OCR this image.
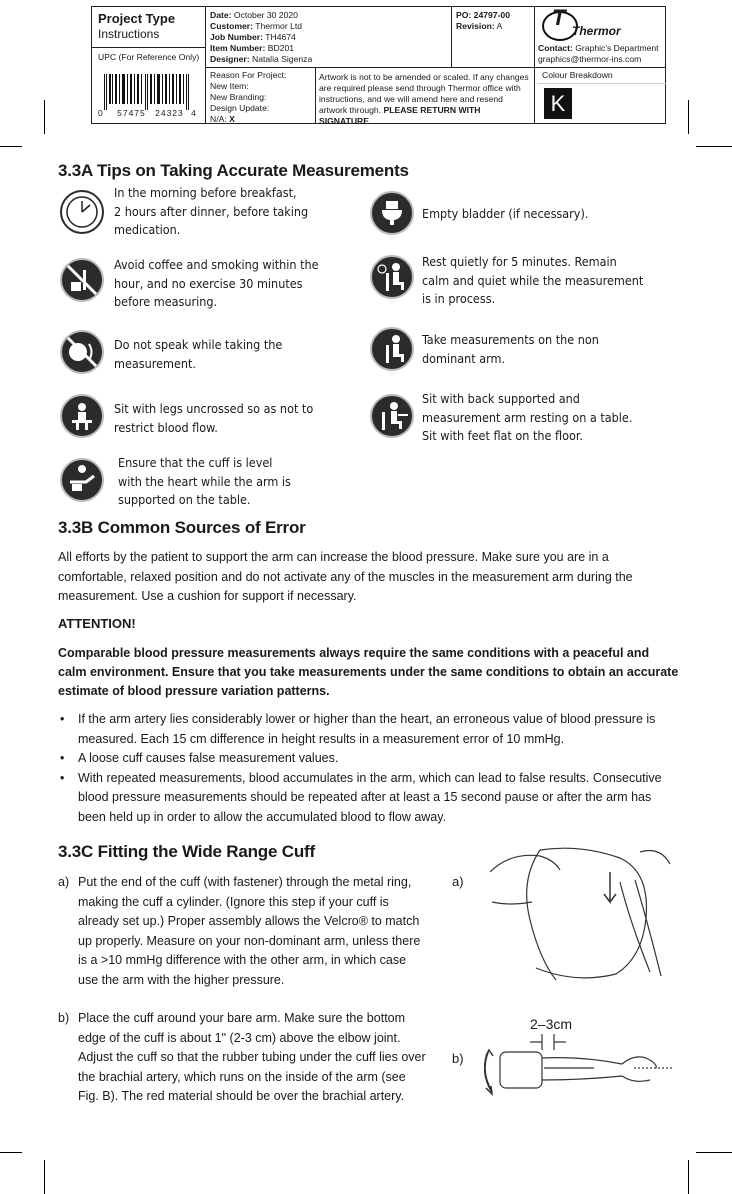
Project Type
Instructions
UPC (For Reference Only)
0 57475 24323 4
Date: October 30 2020
Customer: Thermor Ltd
Job Number: TH4674
Item Number: BD201
Designer: Natalia Sigenza
PO: 24797-00
Revision: A	T
Thermor
Contact: Graphic's Department
graphics@thermor-ins.com
Reason For Project:
New Item:
New Branding:
Design Update:
N/A: X
Artwork is not to be amended or scaled. If any changes are required please send through Thermor office with instructions, and we will amend here and resend artwork through. PLEASE RETURN WITH SIGNATURE
Colour Breakdown
K
3.3A Tips on Taking Accurate Measurements
In the morning before breakfast,
2 hours after dinner, before taking
medication.
Avoid coffee and smoking within the
hour, and no exercise 30 minutes
before measuring.
Do not speak while taking the
measurement.
Sit with legs uncrossed so as not to
restrict blood flow.
Ensure that the cuff is level
with the heart while the arm is
supported on the table.
Empty bladder (if necessary).
Rest quietly for 5 minutes. Remain
calm and quiet while the measurement
is in process.
Take measurements on the non
dominant arm.
Sit with back supported and
measurement arm resting on a table.
Sit with feet flat on the floor.
3.3B Common Sources of Error
All efforts by the patient to support the arm can increase the blood pressure. Make sure you are in a comfortable, relaxed position and do not activate any of the muscles in the measurement arm during the measurement. Use a cushion for support if necessary.
ATTENTION!
Comparable blood pressure measurements always require the same conditions with a peaceful and calm environment. Ensure that you take measurements under the same conditions to obtain an accurate estimate of blood pressure variation patterns.
• If the arm artery lies considerably lower or higher than the heart, an erroneous value of blood pressure is measured. Each 15 cm difference in height results in a measurement error of 10 mmHg.
• A loose cuff causes false measurement values.
• With repeated measurements, blood accumulates in the arm, which can lead to false results. Consecutive blood pressure measurements should be repeated after at least a 15 second pause or after the arm has been held up in order to allow the accumulated blood to flow away.
3.3C Fitting the Wide Range Cuff
a) Put the end of the cuff (with fastener) through the metal ring, making the cuff a cylinder. (Ignore this step if your cuff is already set up.) Proper assembly allows the Velcro® to match up properly. Measure on your non-dominant arm, unless there is a >10 mmHg difference with the other arm, in which case use the arm with the higher pressure.
b) Place the cuff around your bare arm. Make sure the bottom edge of the cuff is about 1" (2-3 cm) above the elbow joint. Adjust the cuff so that the rubber tubing under the cuff lies over the brachial artery, which runs on the inside of the arm (see Fig. B). The red material should be over the brachial artery.
a)
b)
2–3cm
